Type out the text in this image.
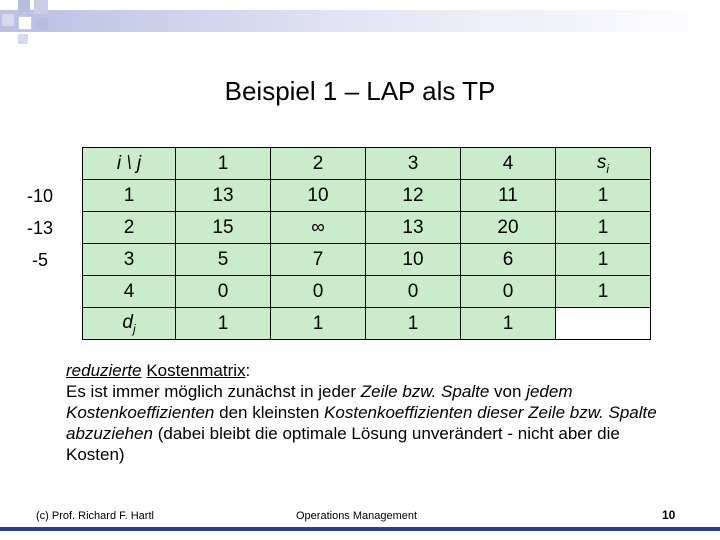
Beispiel 1 – LAP als TP
i \ j	1	2	3	4	$s_i$
1	13	10	12	11	1
2	15	∞	13	20	1
3	5	7	10	6	1
4	0	0	0	0	1
$d_j$	1	1	1	1	
-10
-13
-5
reduzierte Kostenmatrix:
Es ist immer möglich zunächst in jeder Zeile bzw. Spalte von jedem Kostenkoeffizienten den kleinsten Kostenkoeffizienten dieser Zeile bzw. Spalte abzuziehen (dabei bleibt die optimale Lösung unverändert - nicht aber die Kosten)
(c) Prof. Richard F. Hartl	Operations Management	10
